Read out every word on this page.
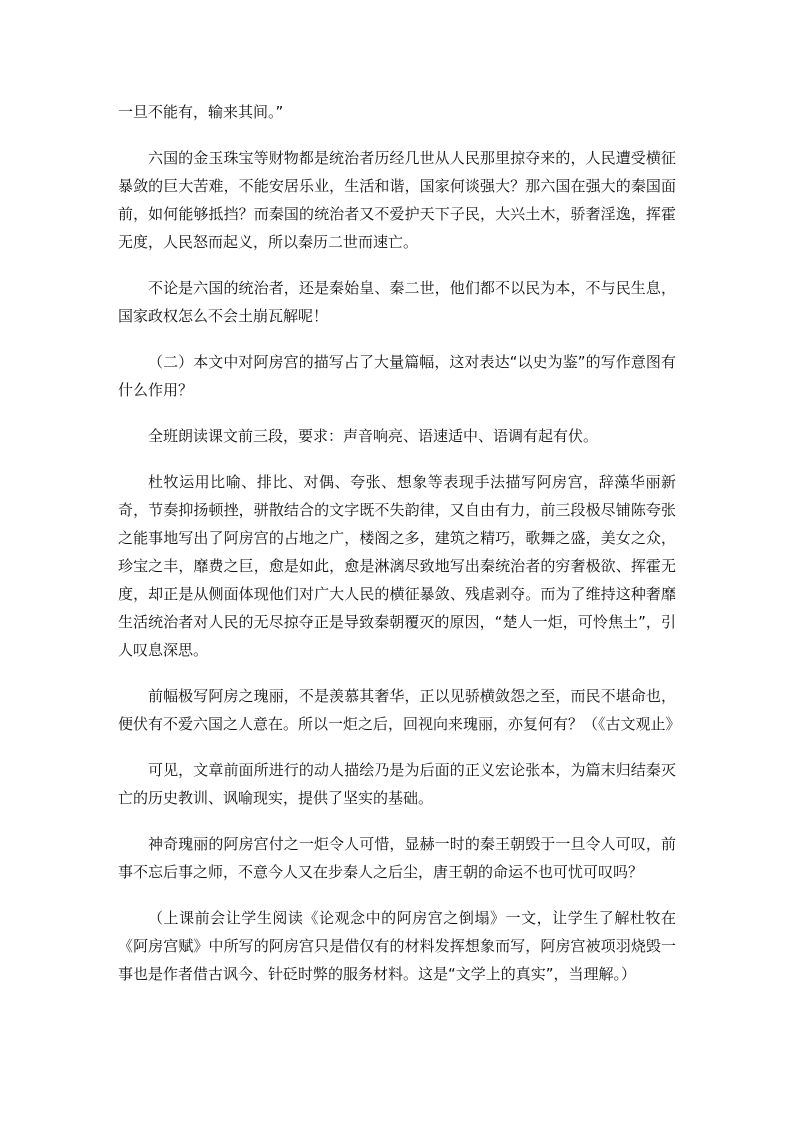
一旦不能有，输来其间。”

六国的金玉珠宝等财物都是统治者历经几世从人民那里掠夺来的，人民遭受横征暴敛的巨大苦难，不能安居乐业，生活和谐，国家何谈强大？那六国在强大的秦国面前，如何能够抵挡？而秦国的统治者又不爱护天下子民，大兴土木，骄奢淫逸，挥霍无度，人民怒而起义，所以秦历二世而速亡。

不论是六国的统治者，还是秦始皇、秦二世，他们都不以民为本，不与民生息，国家政权怎么不会土崩瓦解呢！

（二）本文中对阿房宫的描写占了大量篇幅，这对表达“以史为鉴”的写作意图有什么作用？

全班朗读课文前三段，要求：声音响亮、语速适中、语调有起有伏。

杜牧运用比喻、排比、对偶、夸张、想象等表现手法描写阿房宫，辞藻华丽新奇，节奏抑扬顿挫，骈散结合的文字既不失韵律，又自由有力，前三段极尽铺陈夸张之能事地写出了阿房宫的占地之广，楼阁之多，建筑之精巧，歌舞之盛，美女之众，珍宝之丰，靡费之巨，愈是如此，愈是淋漓尽致地写出秦统治者的穷奢极欲、挥霍无度，却正是从侧面体现他们对广大人民的横征暴敛、残虐剥夺。而为了维持这种奢靡生活统治者对人民的无尽掠夺正是导致秦朝覆灭的原因，“楚人一炬，可怜焦土”，引人叹息深思。

前幅极写阿房之瑰丽，不是羡慕其奢华，正以见骄横敛怨之至，而民不堪命也，便伏有不爱六国之人意在。所以一炬之后，回视向来瑰丽，亦复何有？（《古文观止》

可见，文章前面所进行的动人描绘乃是为后面的正义宏论张本，为篇末归结秦灭亡的历史教训、讽喻现实，提供了坚实的基础。

神奇瑰丽的阿房宫付之一炬令人可惜，显赫一时的秦王朝毁于一旦令人可叹，前事不忘后事之师，不意今人又在步秦人之后尘，唐王朝的命运不也可忧可叹吗？

（上课前会让学生阅读《论观念中的阿房宫之倒塌》一文，让学生了解杜牧在《阿房宫赋》中所写的阿房宫只是借仅有的材料发挥想象而写，阿房宫被项羽烧毁一事也是作者借古讽今、针砭时弊的服务材料。这是“文学上的真实”，当理解。）
